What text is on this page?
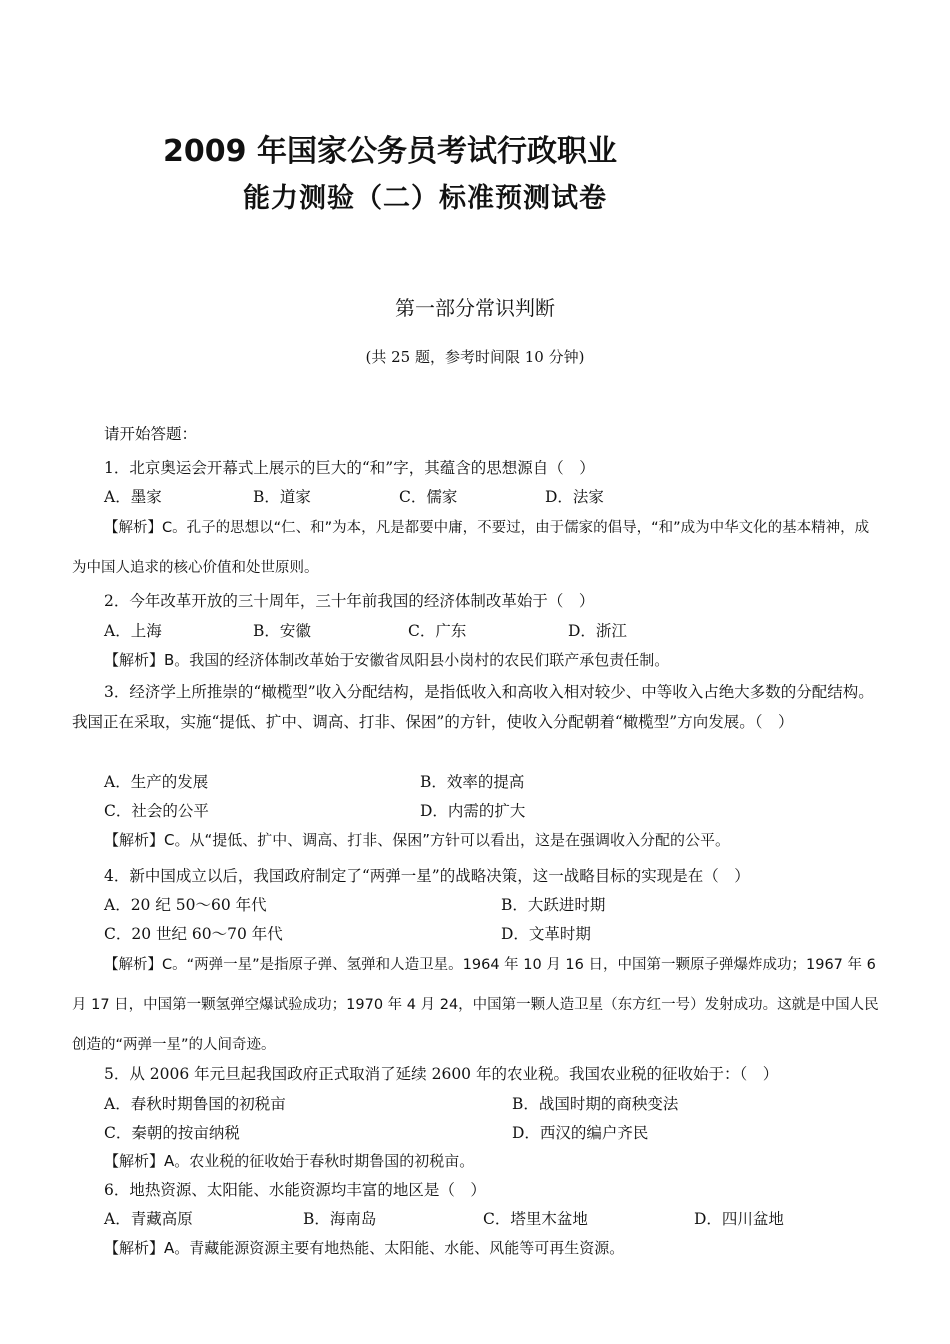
2009 年国家公务员考试行政职业
能力测验（二）标准预测试卷
第一部分常识判断
(共 25 题，参考时间限 10 分钟)
请开始答题：
1．北京奥运会开幕式上展示的巨大的“和”字，其蕴含的思想源自（　）
A．墨家	B．道家	C．儒家	D．法家
【解析】C。孔子的思想以“仁、和”为本，凡是都要中庸，不要过，由于儒家的倡导，“和”成为中华文化的基本精神，成为中国人追求的核心价值和处世原则。
2．今年改革开放的三十周年，三十年前我国的经济体制改革始于（　）
A．上海	B．安徽	C．广东	D．浙江
【解析】B。我国的经济体制改革始于安徽省凤阳县小岗村的农民们联产承包责任制。
3．经济学上所推崇的“橄榄型”收入分配结构，是指低收入和高收入相对较少、中等收入占绝大多数的分配结构。我国正在采取，实施“提低、扩中、调高、打非、保困”的方针，使收入分配朝着“橄榄型”方向发展。（　）
A．生产的发展	B．效率的提高
C．社会的公平	D．内需的扩大
【解析】C。从“提低、扩中、调高、打非、保困”方针可以看出，这是在强调收入分配的公平。
4．新中国成立以后，我国政府制定了“两弹一星”的战略决策，这一战略目标的实现是在（　）
A．20 纪 50～60 年代	B．大跃进时期
C．20 世纪 60～70 年代	D．文革时期
【解析】C。“两弹一星”是指原子弹、氢弹和人造卫星。1964 年 10 月 16 日，中国第一颗原子弹爆炸成功；1967 年 6 月 17 日，中国第一颗氢弹空爆试验成功；1970 年 4 月 24，中国第一颗人造卫星（东方红一号）发射成功。这就是中国人民创造的“两弹一星”的人间奇迹。
5．从 2006 年元旦起我国政府正式取消了延续 2600 年的农业税。我国农业税的征收始于：（　）
A．春秋时期鲁国的初税亩	B．战国时期的商秧变法
C．秦朝的按亩纳税	D．西汉的编户齐民
【解析】A。农业税的征收始于春秋时期鲁国的初税亩。
6．地热资源、太阳能、水能资源均丰富的地区是（　）
A．青藏高原	B．海南岛	C．塔里木盆地	D．四川盆地
【解析】A。青藏能源资源主要有地热能、太阳能、水能、风能等可再生资源。
